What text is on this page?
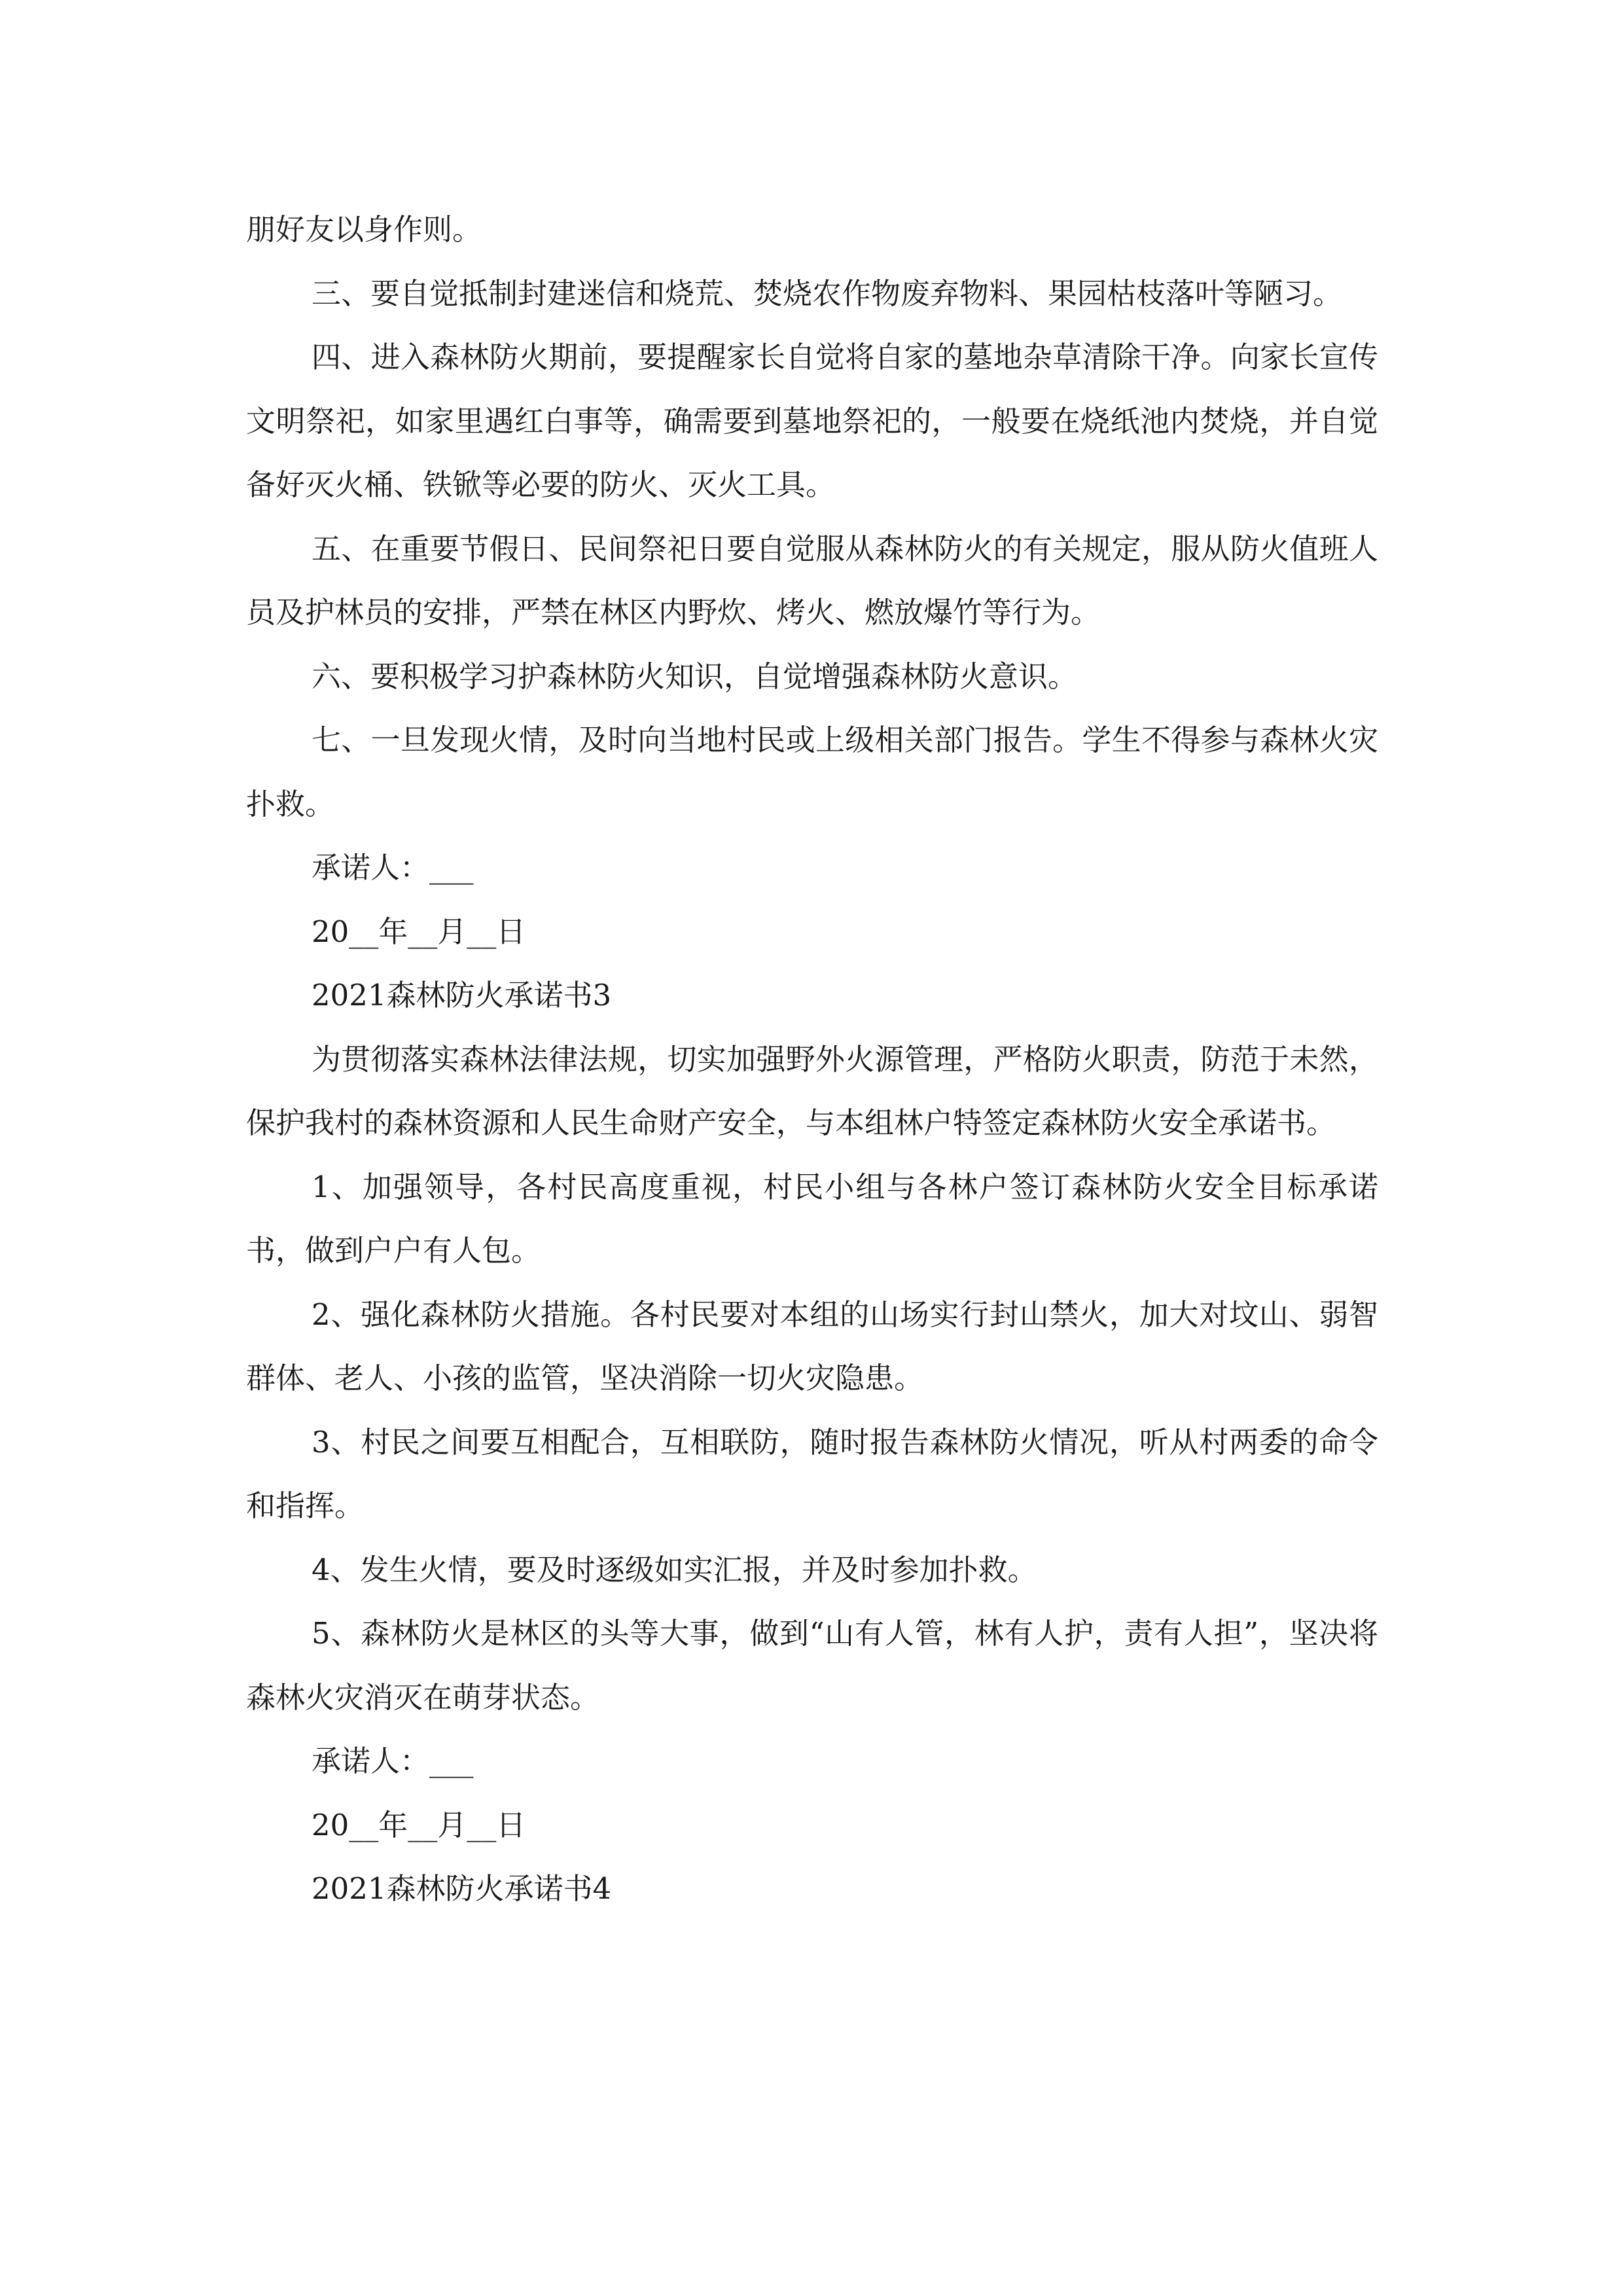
朋好友以身作则。

三、要自觉抵制封建迷信和烧荒、焚烧农作物废弃物料、果园枯枝落叶等陋习。

四、进入森林防火期前，要提醒家长自觉将自家的墓地杂草清除干净。向家长宣传文明祭祀，如家里遇红白事等，确需要到墓地祭祀的，一般要在烧纸池内焚烧，并自觉备好灭火桶、铁锨等必要的防火、灭火工具。

五、在重要节假日、民间祭祀日要自觉服从森林防火的有关规定，服从防火值班人员及护林员的安排，严禁在林区内野炊、烤火、燃放爆竹等行为。

六、要积极学习护森林防火知识，自觉增强森林防火意识。

七、一旦发现火情，及时向当地村民或上级相关部门报告。学生不得参与森林火灾扑救。

承诺人：___

20__年__月__日

2021森林防火承诺书3

为贯彻落实森林法律法规，切实加强野外火源管理，严格防火职责，防范于未然，保护我村的森林资源和人民生命财产安全，与本组林户特签定森林防火安全承诺书。

1、加强领导，各村民高度重视，村民小组与各林户签订森林防火安全目标承诺书，做到户户有人包。

2、强化森林防火措施。各村民要对本组的山场实行封山禁火，加大对坟山、弱智群体、老人、小孩的监管，坚决消除一切火灾隐患。

3、村民之间要互相配合，互相联防，随时报告森林防火情况，听从村两委的命令和指挥。

4、发生火情，要及时逐级如实汇报，并及时参加扑救。

5、森林防火是林区的头等大事，做到“山有人管，林有人护，责有人担”，坚决将森林火灾消灭在萌芽状态。

承诺人：___

20__年__月__日

2021森林防火承诺书4
